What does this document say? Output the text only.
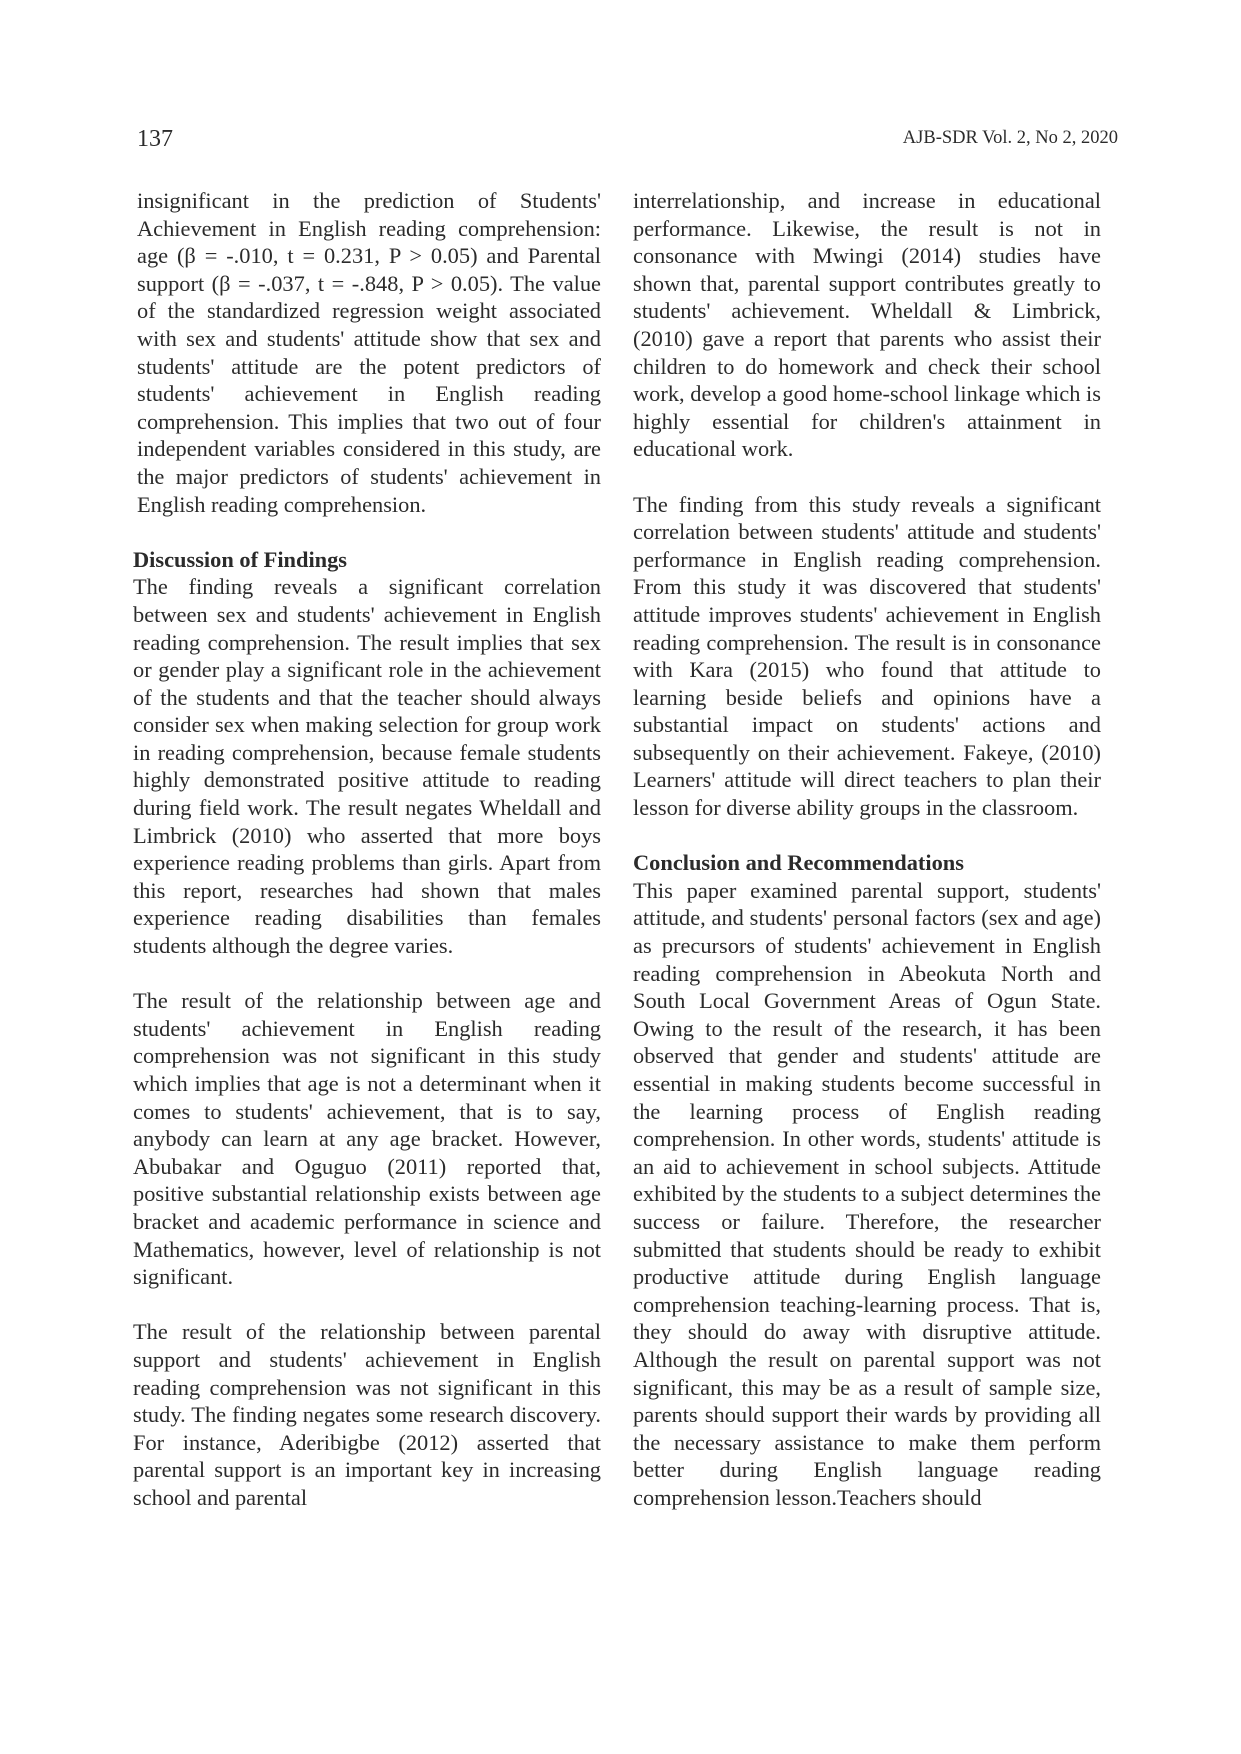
137	AJB-SDR Vol. 2, No 2, 2020

insignificant in the prediction of Students' Achievement in English reading comprehension: age (β = -.010, t = 0.231, P > 0.05) and Parental support (β = -.037, t = -.848, P > 0.05). The value of the standardized regression weight associated with sex and students' attitude show that sex and students' attitude are the potent predictors of students' achievement in English reading comprehension. This implies that two out of four independent variables considered in this study, are the major predictors of students' achievement in English reading comprehension.

Discussion of Findings

The finding reveals a significant correlation between sex and students' achievement in English reading comprehension. The result implies that sex or gender play a significant role in the achievement of the students and that the teacher should always consider sex when making selection for group work in reading comprehension, because female students highly demonstrated positive attitude to reading during field work. The result negates Wheldall and Limbrick (2010) who asserted that more boys experience reading problems than girls. Apart from this report, researches had shown that males experience reading disabilities than females students although the degree varies.

The result of the relationship between age and students' achievement in English reading comprehension was not significant in this study which implies that age is not a determinant when it comes to students' achievement, that is to say, anybody can learn at any age bracket. However, Abubakar and Oguguo (2011) reported that, positive substantial relationship exists between age bracket and academic performance in science and Mathematics, however, level of relationship is not significant.

The result of the relationship between parental support and students' achievement in English reading comprehension was not significant in this study. The finding negates some research discovery. For instance, Aderibigbe (2012) asserted that parental support is an important key in increasing school and parental

interrelationship, and increase in educational performance. Likewise, the result is not in consonance with Mwingi (2014) studies have shown that, parental support contributes greatly to students' achievement. Wheldall & Limbrick, (2010) gave a report that parents who assist their children to do homework and check their school work, develop a good home-school linkage which is highly essential for children's attainment in educational work.

The finding from this study reveals a significant correlation between students' attitude and students' performance in English reading comprehension. From this study it was discovered that students' attitude improves students' achievement in English reading comprehension. The result is in consonance with Kara (2015) who found that attitude to learning beside beliefs and opinions have a substantial impact on students' actions and subsequently on their achievement. Fakeye, (2010) Learners' attitude will direct teachers to plan their lesson for diverse ability groups in the classroom.

Conclusion and Recommendations

This paper examined parental support, students' attitude, and students' personal factors (sex and age) as precursors of students' achievement in English reading comprehension in Abeokuta North and South Local Government Areas of Ogun State. Owing to the result of the research, it has been observed that gender and students' attitude are essential in making students become successful in the learning process of English reading comprehension. In other words, students' attitude is an aid to achievement in school subjects. Attitude exhibited by the students to a subject determines the success or failure. Therefore, the researcher submitted that students should be ready to exhibit productive attitude during English language comprehension teaching-learning process. That is, they should do away with disruptive attitude. Although the result on parental support was not significant, this may be as a result of sample size, parents should support their wards by providing all the necessary assistance to make them perform better during English language reading comprehension lesson.Teachers should
